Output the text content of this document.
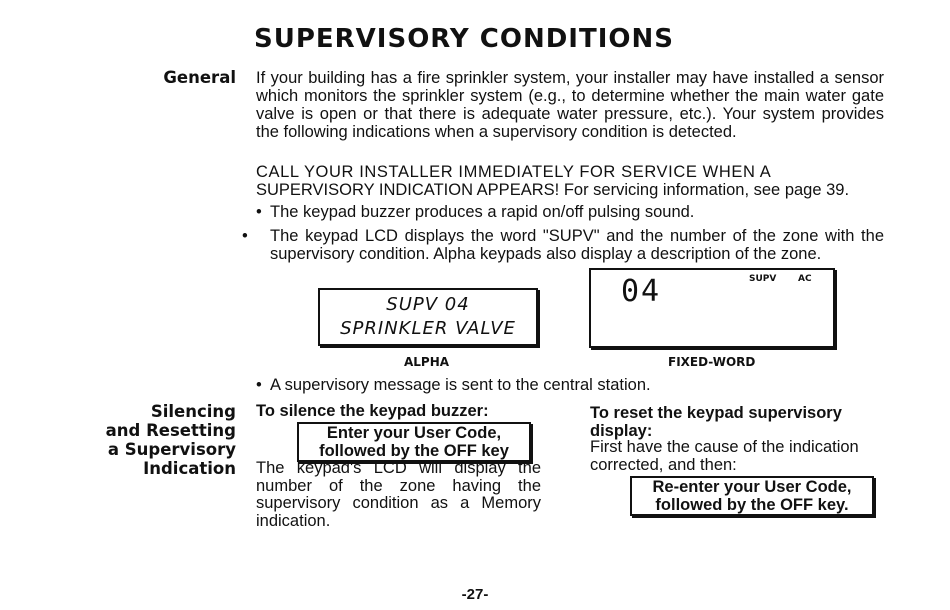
SUPERVISORY CONDITIONS
General If your building has a fire sprinkler system, your installer may have installed a sensor which monitors the sprinkler system (e.g., to determine whether the main water gate valve is open or that there is adequate water pressure, etc.). Your system provides the following indications when a supervisory condition is detected.
CALL YOUR INSTALLER IMMEDIATELY FOR SERVICE WHEN A
SUPERVISORY INDICATION APPEARS! For servicing information, see page 39.
• The keypad buzzer produces a rapid on/off pulsing sound.
• The keypad LCD displays the word "SUPV" and the number of the zone with the supervisory condition. Alpha keypads also display a description of the zone.
SUPV 04
SPRINKLER VALVE
ALPHA
04	SUPV AC
FIXED-WORD
• A supervisory message is sent to the central station.
Silencing
and Resetting
a Supervisory
Indication
To silence the keypad buzzer:
Enter your User Code,
followed by the OFF key
The keypad's LCD will display the number of the zone having the supervisory condition as a Memory indication.
To reset the keypad supervisory
display:
First have the cause of the indication
corrected, and then:
Re-enter your User Code,
followed by the OFF key.
-27-
